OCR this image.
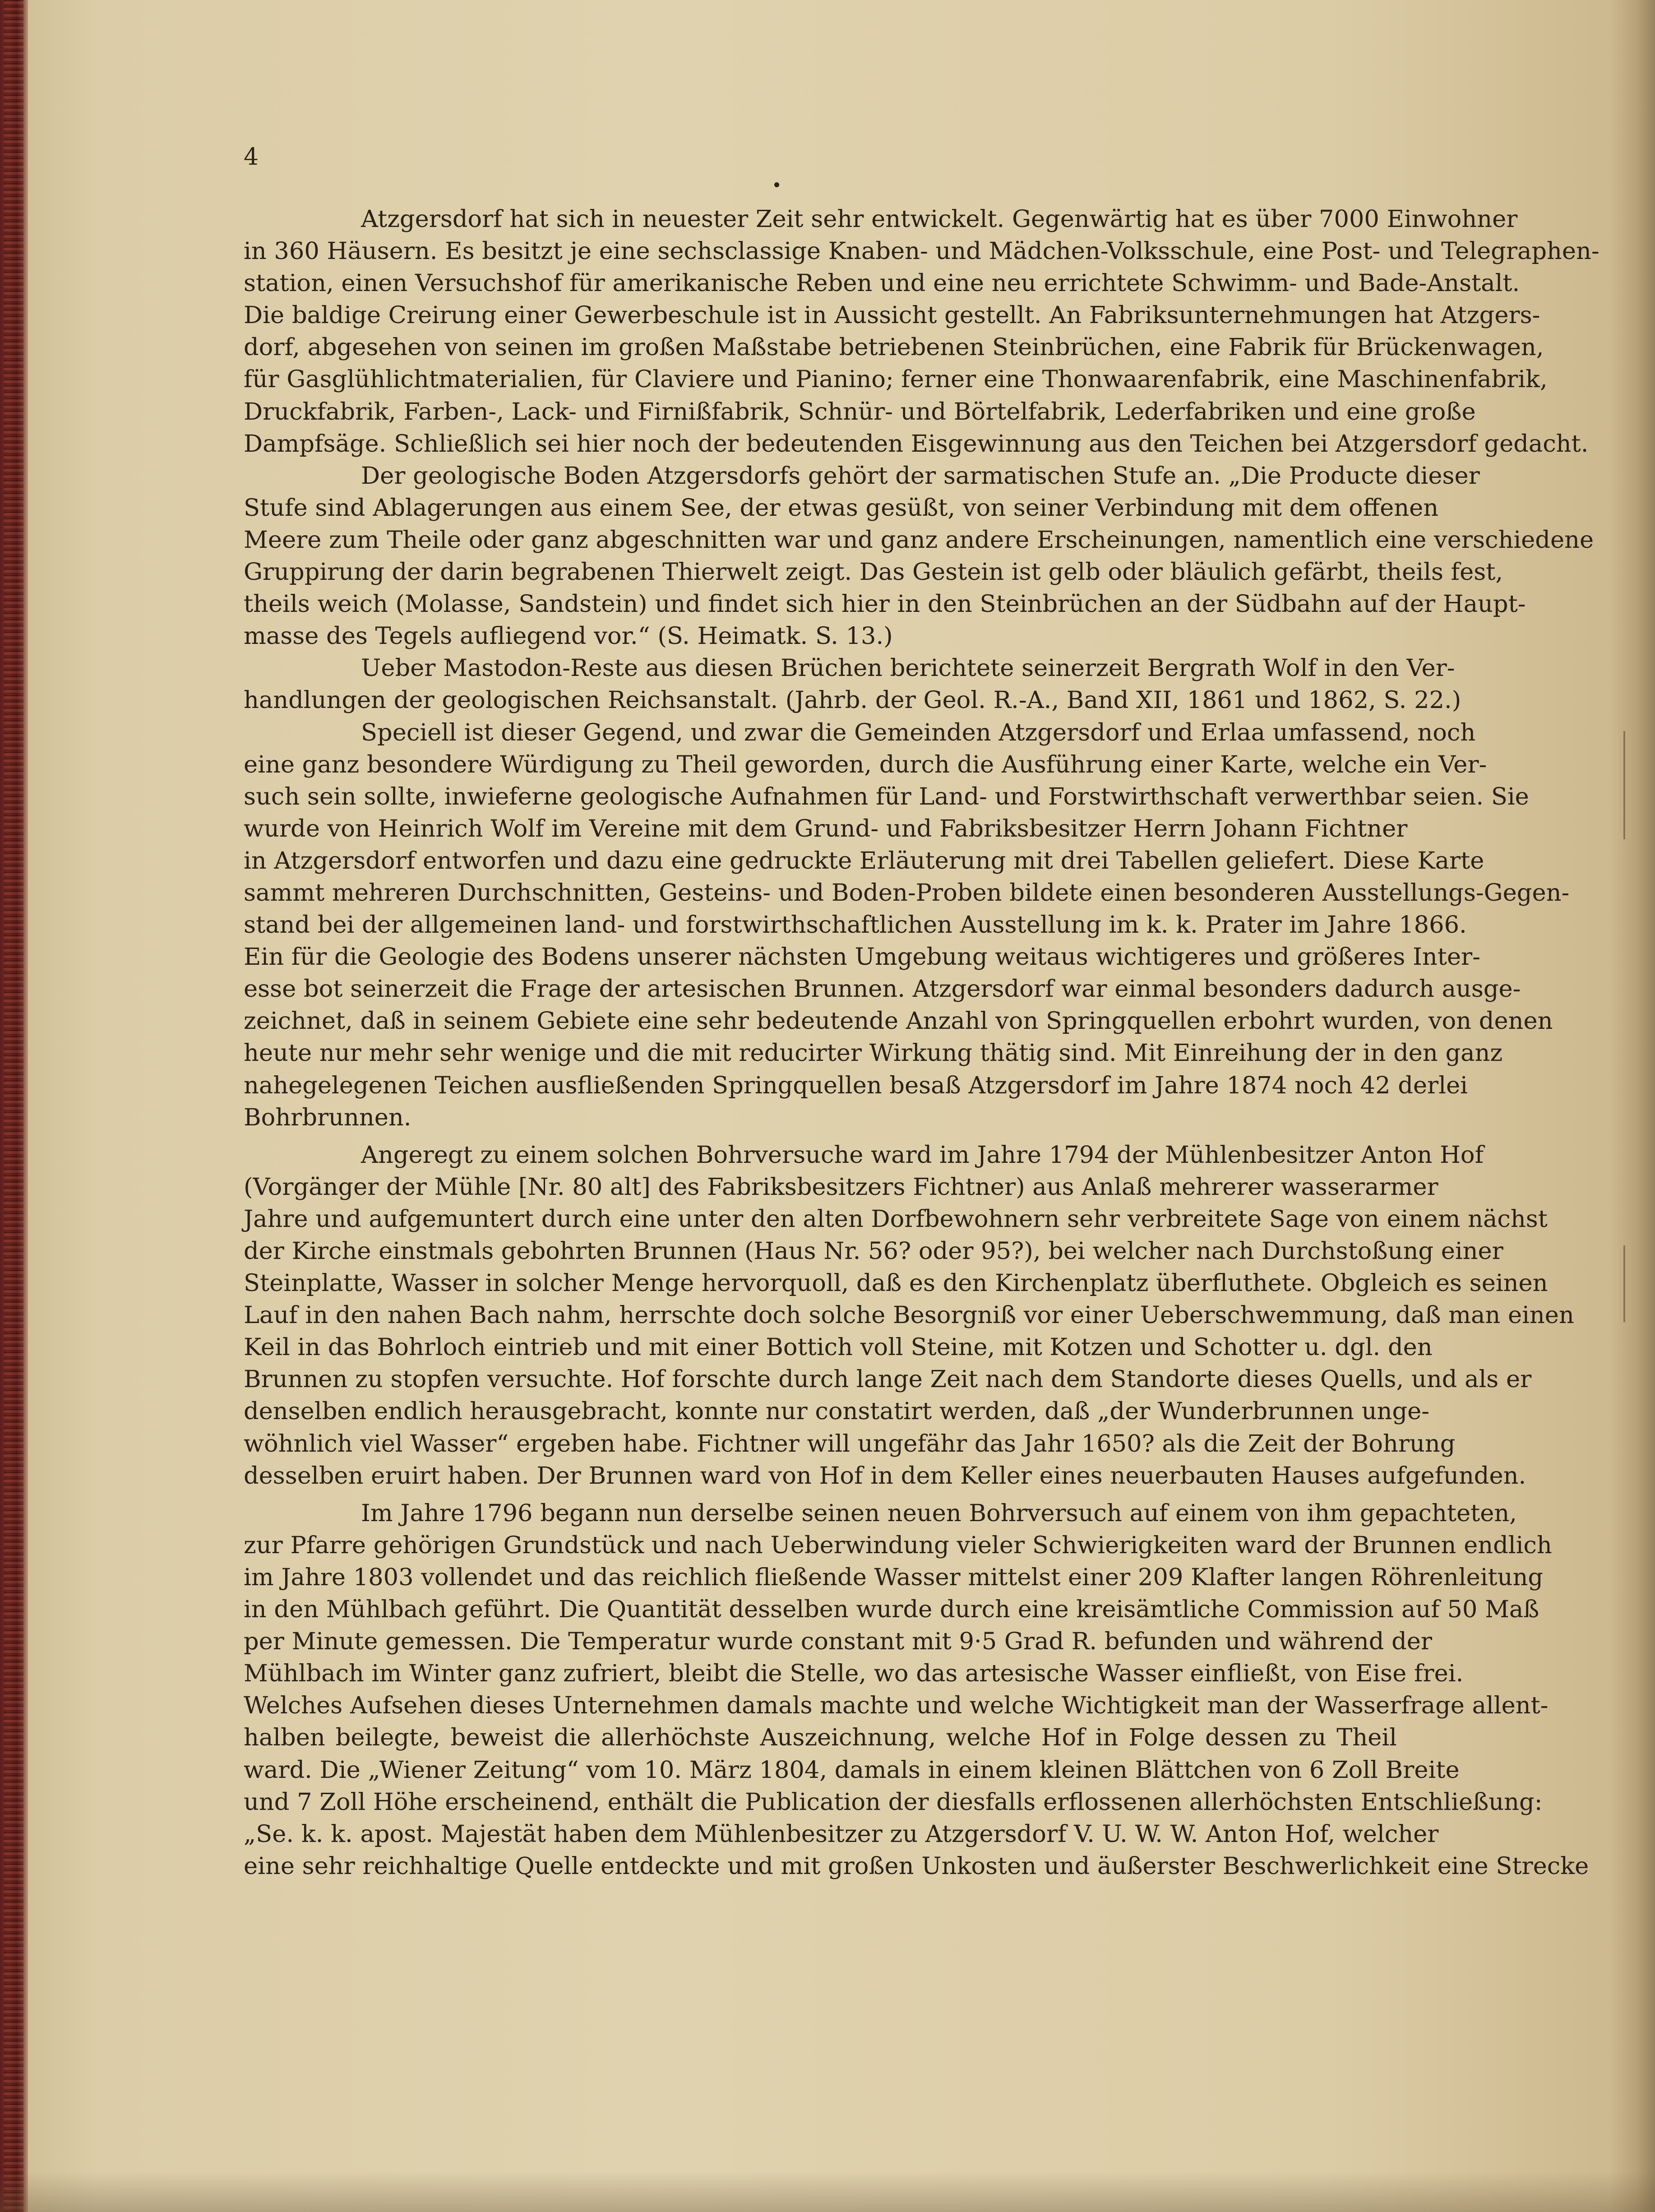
4
Atzgersdorf hat sich in neuester Zeit sehr entwickelt. Gegenwärtig hat es über 7000 Einwohner
in 360 Häusern. Es besitzt je eine sechsclassige Knaben- und Mädchen-Volksschule, eine Post- und Telegraphen-
station, einen Versuchshof für amerikanische Reben und eine neu errichtete Schwimm- und Bade-Anstalt.
Die baldige Creirung einer Gewerbeschule ist in Aussicht gestellt. An Fabriksunternehmungen hat Atzgers-
dorf, abgesehen von seinen im großen Maßstabe betriebenen Steinbrüchen, eine Fabrik für Brückenwagen,
für Gasglühlichtmaterialien, für Claviere und Pianino; ferner eine Thonwaarenfabrik, eine Maschinenfabrik,
Druckfabrik, Farben-, Lack- und Firnißfabrik, Schnür- und Börtelfabrik, Lederfabriken und eine große
Dampfsäge. Schließlich sei hier noch der bedeutenden Eisgewinnung aus den Teichen bei Atzgersdorf gedacht.
Der geologische Boden Atzgersdorfs gehört der sarmatischen Stufe an. „Die Producte dieser
Stufe sind Ablagerungen aus einem See, der etwas gesüßt, von seiner Verbindung mit dem offenen
Meere zum Theile oder ganz abgeschnitten war und ganz andere Erscheinungen, namentlich eine verschiedene
Gruppirung der darin begrabenen Thierwelt zeigt. Das Gestein ist gelb oder bläulich gefärbt, theils fest,
theils weich (Molasse, Sandstein) und findet sich hier in den Steinbrüchen an der Südbahn auf der Haupt-
masse des Tegels aufliegend vor.“ (S. Heimatk. S. 13.)
Ueber Mastodon-Reste aus diesen Brüchen berichtete seinerzeit Bergrath Wolf in den Ver-
handlungen der geologischen Reichsanstalt. (Jahrb. der Geol. R.-A., Band XII, 1861 und 1862, S. 22.)
Speciell ist dieser Gegend, und zwar die Gemeinden Atzgersdorf und Erlaa umfassend, noch
eine ganz besondere Würdigung zu Theil geworden, durch die Ausführung einer Karte, welche ein Ver-
such sein sollte, inwieferne geologische Aufnahmen für Land- und Forstwirthschaft verwerthbar seien. Sie
wurde von Heinrich Wolf im Vereine mit dem Grund- und Fabriksbesitzer Herrn Johann Fichtner
in Atzgersdorf entworfen und dazu eine gedruckte Erläuterung mit drei Tabellen geliefert. Diese Karte
sammt mehreren Durchschnitten, Gesteins- und Boden-Proben bildete einen besonderen Ausstellungs-Gegen-
stand bei der allgemeinen land- und forstwirthschaftlichen Ausstellung im k. k. Prater im Jahre 1866.
Ein für die Geologie des Bodens unserer nächsten Umgebung weitaus wichtigeres und größeres Inter-
esse bot seinerzeit die Frage der artesischen Brunnen. Atzgersdorf war einmal besonders dadurch ausge-
zeichnet, daß in seinem Gebiete eine sehr bedeutende Anzahl von Springquellen erbohrt wurden, von denen
heute nur mehr sehr wenige und die mit reducirter Wirkung thätig sind. Mit Einreihung der in den ganz
nahegelegenen Teichen ausfließenden Springquellen besaß Atzgersdorf im Jahre 1874 noch 42 derlei
Bohrbrunnen.
Angeregt zu einem solchen Bohrversuche ward im Jahre 1794 der Mühlenbesitzer Anton Hof
(Vorgänger der Mühle [Nr. 80 alt] des Fabriksbesitzers Fichtner) aus Anlaß mehrerer wasserarmer
Jahre und aufgemuntert durch eine unter den alten Dorfbewohnern sehr verbreitete Sage von einem nächst
der Kirche einstmals gebohrten Brunnen (Haus Nr. 56? oder 95?), bei welcher nach Durchstoßung einer
Steinplatte, Wasser in solcher Menge hervorquoll, daß es den Kirchenplatz überfluthete. Obgleich es seinen
Lauf in den nahen Bach nahm, herrschte doch solche Besorgniß vor einer Ueberschwemmung, daß man einen
Keil in das Bohrloch eintrieb und mit einer Bottich voll Steine, mit Kotzen und Schotter u. dgl. den
Brunnen zu stopfen versuchte. Hof forschte durch lange Zeit nach dem Standorte dieses Quells, und als er
denselben endlich herausgebracht, konnte nur constatirt werden, daß „der Wunderbrunnen unge-
wöhnlich viel Wasser“ ergeben habe. Fichtner will ungefähr das Jahr 1650? als die Zeit der Bohrung
desselben eruirt haben. Der Brunnen ward von Hof in dem Keller eines neuerbauten Hauses aufgefunden.
Im Jahre 1796 begann nun derselbe seinen neuen Bohrversuch auf einem von ihm gepachteten,
zur Pfarre gehörigen Grundstück und nach Ueberwindung vieler Schwierigkeiten ward der Brunnen endlich
im Jahre 1803 vollendet und das reichlich fließende Wasser mittelst einer 209 Klafter langen Röhrenleitung
in den Mühlbach geführt. Die Quantität desselben wurde durch eine kreisämtliche Commission auf 50 Maß
per Minute gemessen. Die Temperatur wurde constant mit 9·5 Grad R. befunden und während der
Mühlbach im Winter ganz zufriert, bleibt die Stelle, wo das artesische Wasser einfließt, von Eise frei.
Welches Aufsehen dieses Unternehmen damals machte und welche Wichtigkeit man der Wasserfrage allent-
halben beilegte, beweist die allerhöchste Auszeichnung, welche Hof in Folge dessen zu Theil
ward. Die „Wiener Zeitung“ vom 10. März 1804, damals in einem kleinen Blättchen von 6 Zoll Breite
und 7 Zoll Höhe erscheinend, enthält die Publication der diesfalls erflossenen allerhöchsten Entschließung:
„Se. k. k. apost. Majestät haben dem Mühlenbesitzer zu Atzgersdorf V. U. W. W. Anton Hof, welcher
eine sehr reichhaltige Quelle entdeckte und mit großen Unkosten und äußerster Beschwerlichkeit eine Strecke
